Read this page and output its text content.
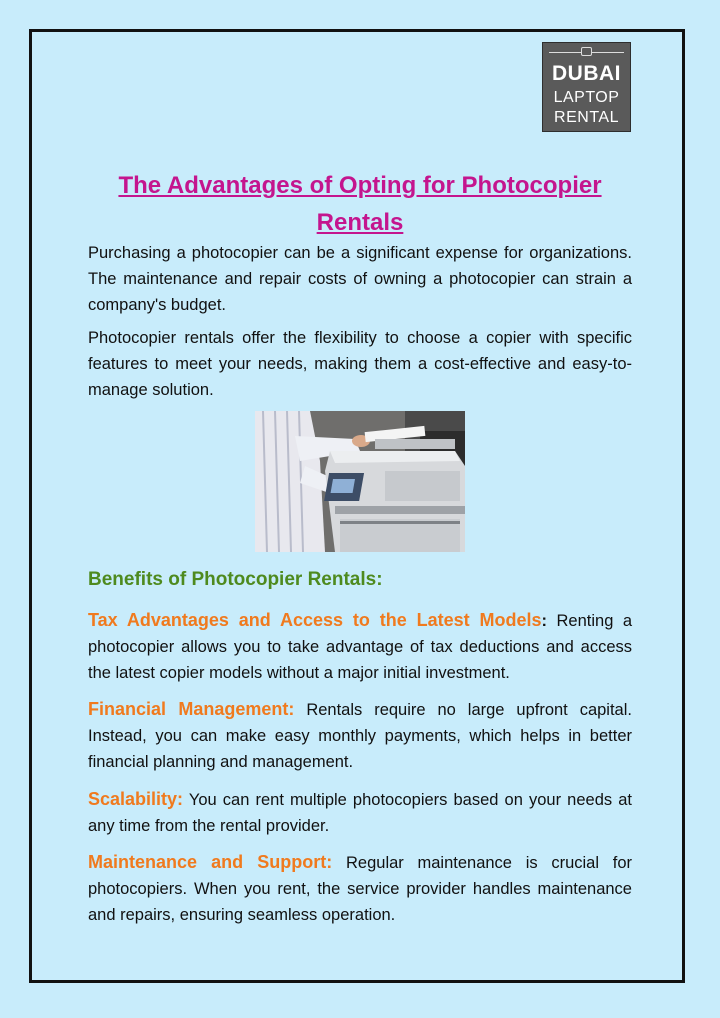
DUBAI
LAPTOP
RENTAL
The Advantages of Opting for Photocopier Rentals

Purchasing a photocopier can be a significant expense for organizations. The maintenance and repair costs of owning a photocopier can strain a company's budget.

Photocopier rentals offer the flexibility to choose a copier with specific features to meet your needs, making them a cost-effective and easy-to-manage solution.

Benefits of Photocopier Rentals:

Tax Advantages and Access to the Latest Models: Renting a photocopier allows you to take advantage of tax deductions and access the latest copier models without a major initial investment.

Financial Management: Rentals require no large upfront capital. Instead, you can make easy monthly payments, which helps in better financial planning and management.

Scalability: You can rent multiple photocopiers based on your needs at any time from the rental provider.

Maintenance and Support: Regular maintenance is crucial for photocopiers. When you rent, the service provider handles maintenance and repairs, ensuring seamless operation.
